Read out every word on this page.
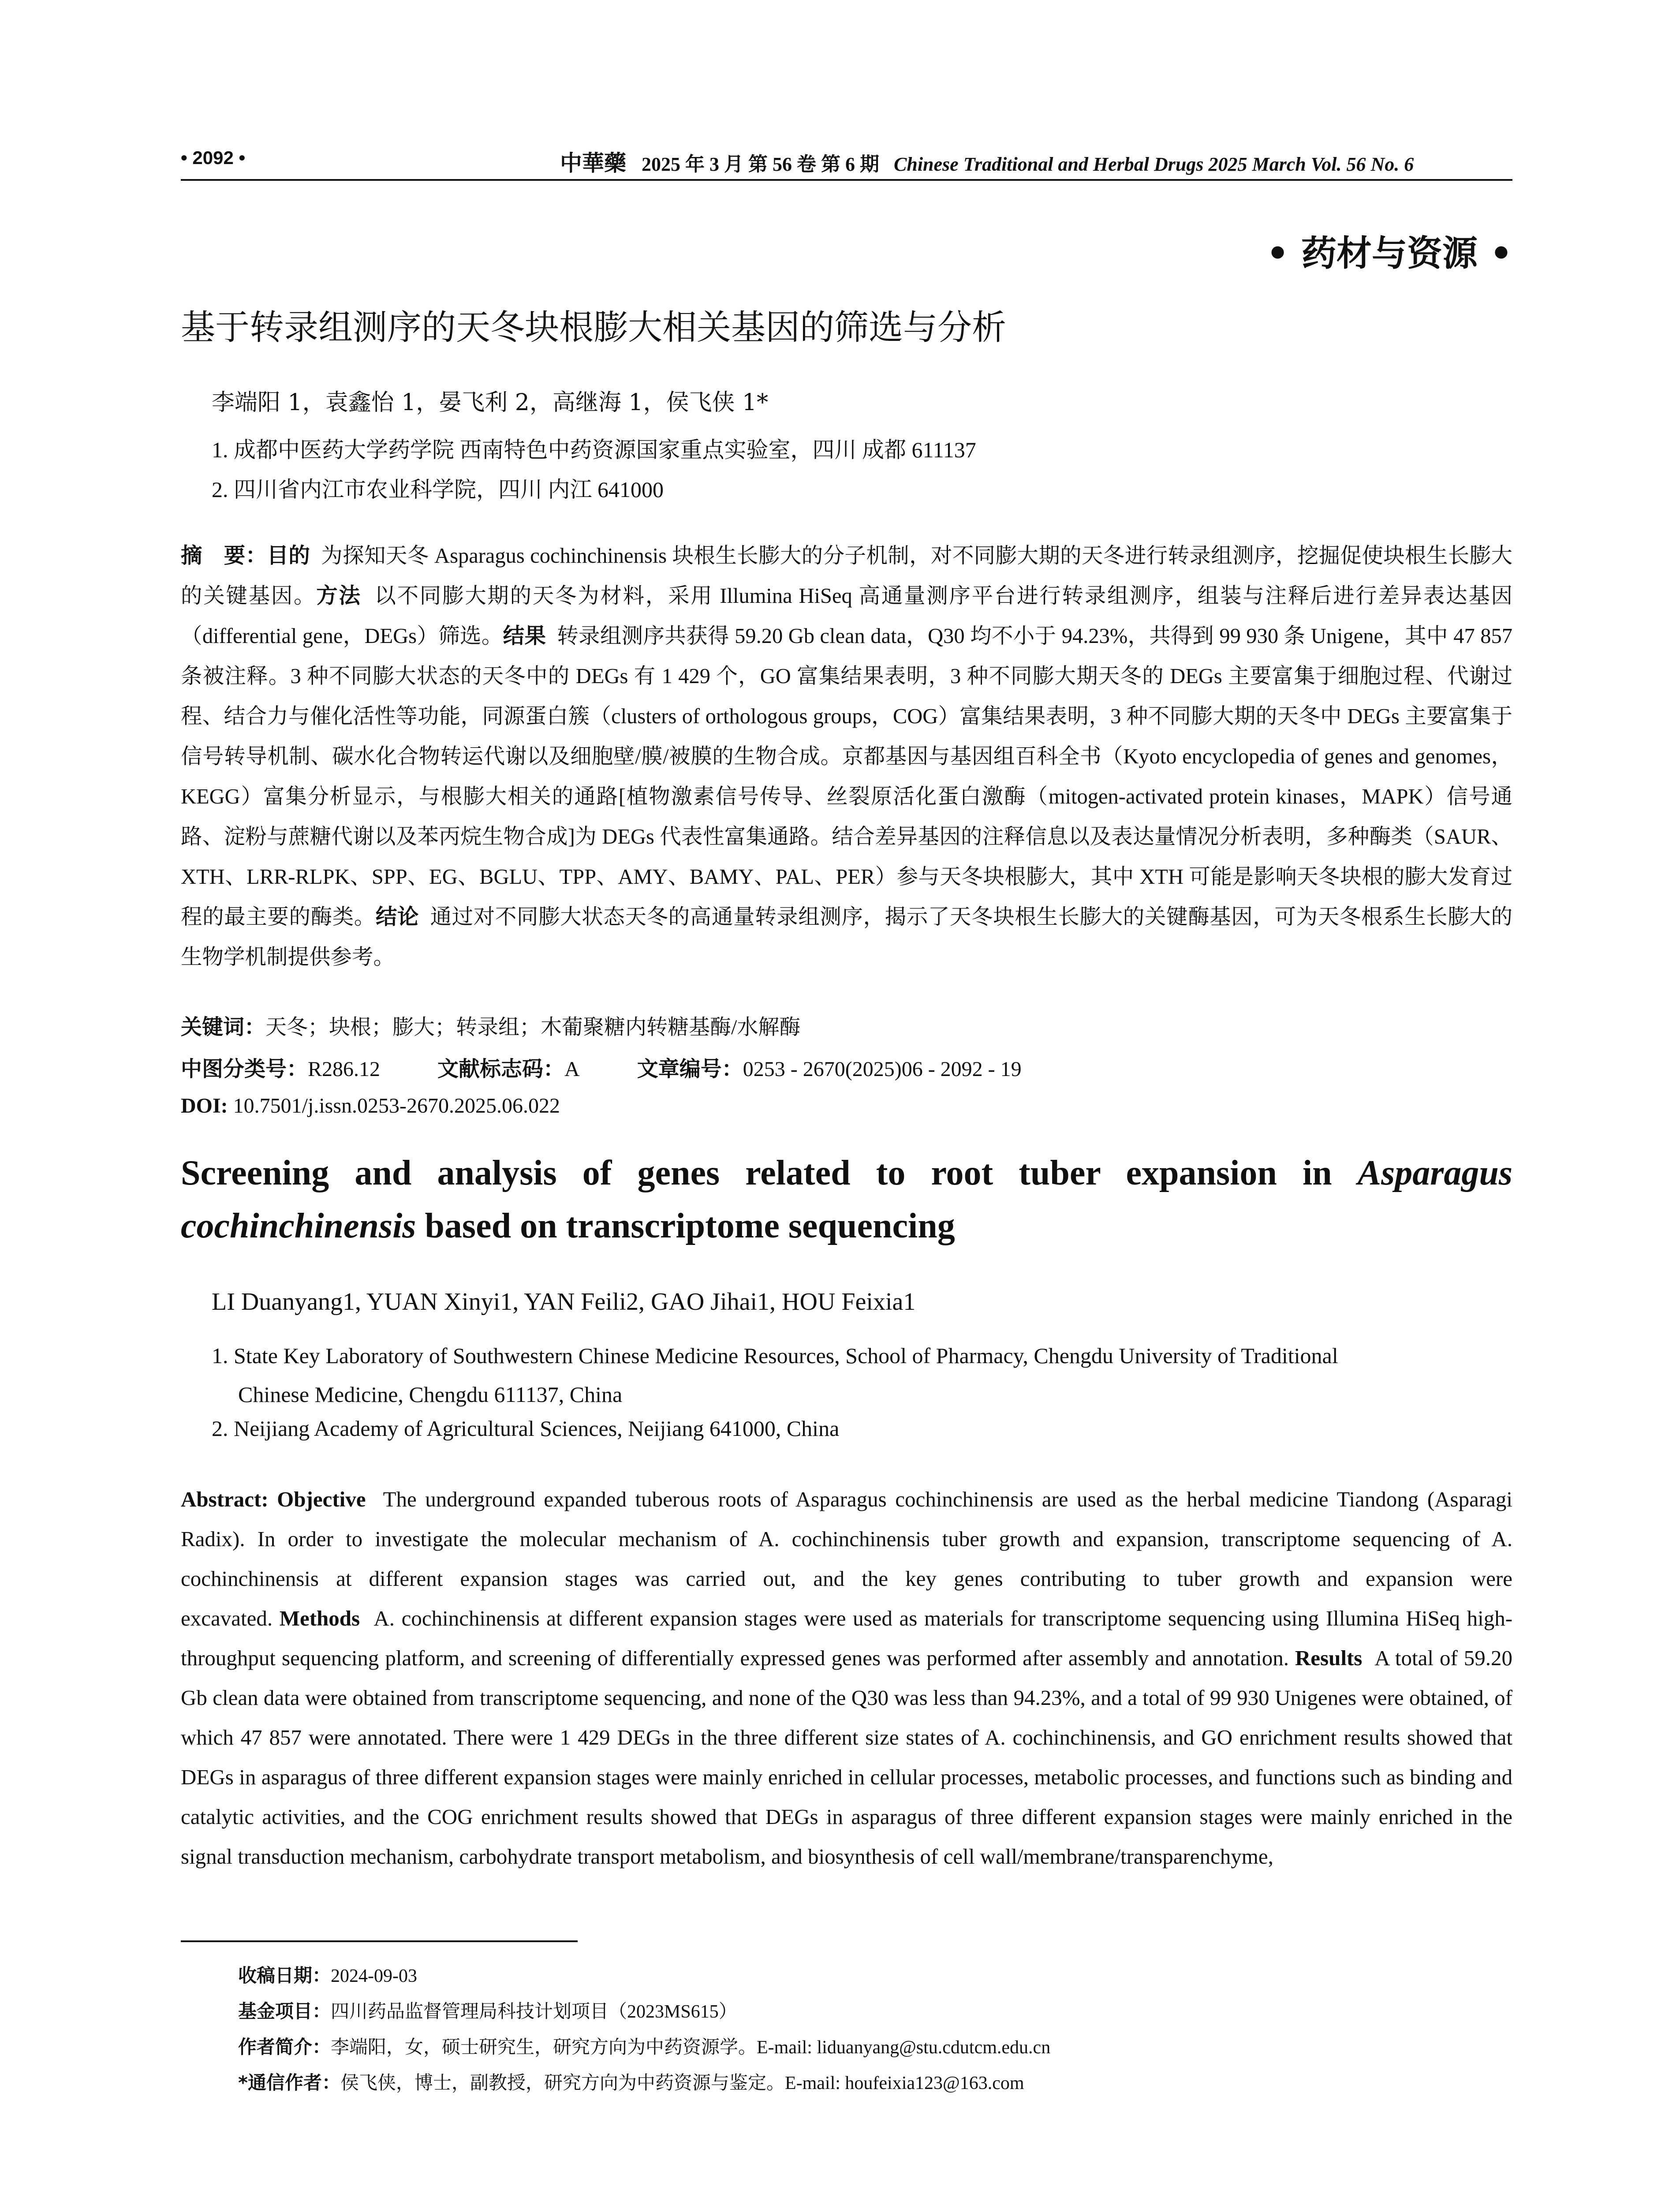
• 2092 •	中華藥 2025 年 3 月 第 56 卷 第 6 期 Chinese Traditional and Herbal Drugs 2025 March Vol. 56 No. 6
• 药材与资源 •
基于转录组测序的天冬块根膨大相关基因的筛选与分析
李端阳 1，袁鑫怡 1，晏飞利 2，高继海 1，侯飞侠 1*
1. 成都中医药大学药学院 西南特色中药资源国家重点实验室，四川 成都 611137
2. 四川省内江市农业科学院，四川 内江 641000
摘　要：目的 为探知天冬 Asparagus cochinchinensis 块根生长膨大的分子机制，对不同膨大期的天冬进行转录组测序，挖掘促使块根生长膨大的关键基因。方法 以不同膨大期的天冬为材料，采用 Illumina HiSeq 高通量测序平台进行转录组测序，组装与注释后进行差异表达基因（differential gene，DEGs）筛选。结果 转录组测序共获得 59.20 Gb clean data，Q30 均不小于 94.23%，共得到 99 930 条 Unigene，其中 47 857 条被注释。3 种不同膨大状态的天冬中的 DEGs 有 1 429 个，GO 富集结果表明，3 种不同膨大期天冬的 DEGs 主要富集于细胞过程、代谢过程、结合力与催化活性等功能，同源蛋白簇（clusters of orthologous groups，COG）富集结果表明，3 种不同膨大期的天冬中 DEGs 主要富集于信号转导机制、碳水化合物转运代谢以及细胞壁/膜/被膜的生物合成。京都基因与基因组百科全书（Kyoto encyclopedia of genes and genomes，KEGG）富集分析显示，与根膨大相关的通路[植物激素信号传导、丝裂原活化蛋白激酶（mitogen-activated protein kinases，MAPK）信号通路、淀粉与蔗糖代谢以及苯丙烷生物合成]为 DEGs 代表性富集通路。结合差异基因的注释信息以及表达量情况分析表明，多种酶类（SAUR、XTH、LRR-RLPK、SPP、EG、BGLU、TPP、AMY、BAMY、PAL、PER）参与天冬块根膨大，其中 XTH 可能是影响天冬块根的膨大发育过程的最主要的酶类。结论 通过对不同膨大状态天冬的高通量转录组测序，揭示了天冬块根生长膨大的关键酶基因，可为天冬根系生长膨大的生物学机制提供参考。
关键词：天冬；块根；膨大；转录组；木葡聚糖内转糖基酶/水解酶
中图分类号：R286.12	文献标志码：A	文章编号：0253 - 2670(2025)06 - 2092 - 19
DOI: 10.7501/j.issn.0253-2670.2025.06.022
Screening and analysis of genes related to root tuber expansion in Asparagus cochinchinensis based on transcriptome sequencing
LI Duanyang1, YUAN Xinyi1, YAN Feili2, GAO Jihai1, HOU Feixia1
1. State Key Laboratory of Southwestern Chinese Medicine Resources, School of Pharmacy, Chengdu University of Traditional
Chinese Medicine, Chengdu 611137, China
2. Neijiang Academy of Agricultural Sciences, Neijiang 641000, China
Abstract: Objective The underground expanded tuberous roots of Asparagus cochinchinensis are used as the herbal medicine Tiandong (Asparagi Radix). In order to investigate the molecular mechanism of A. cochinchinensis tuber growth and expansion, transcriptome sequencing of A. cochinchinensis at different expansion stages was carried out, and the key genes contributing to tuber growth and expansion were excavated. Methods A. cochinchinensis at different expansion stages were used as materials for transcriptome sequencing using Illumina HiSeq high-throughput sequencing platform, and screening of differentially expressed genes was performed after assembly and annotation. Results A total of 59.20 Gb clean data were obtained from transcriptome sequencing, and none of the Q30 was less than 94.23%, and a total of 99 930 Unigenes were obtained, of which 47 857 were annotated. There were 1 429 DEGs in the three different size states of A. cochinchinensis, and GO enrichment results showed that DEGs in asparagus of three different expansion stages were mainly enriched in cellular processes, metabolic processes, and functions such as binding and catalytic activities, and the COG enrichment results showed that DEGs in asparagus of three different expansion stages were mainly enriched in the signal transduction mechanism, carbohydrate transport metabolism, and biosynthesis of cell wall/membrane/transparenchyme,
收稿日期：2024-09-03
基金项目：四川药品监督管理局科技计划项目（2023MS615）
作者简介：李端阳，女，硕士研究生，研究方向为中药资源学。E-mail: liduanyang@stu.cdutcm.edu.cn
*通信作者：侯飞侠，博士，副教授，研究方向为中药资源与鉴定。E-mail: houfeixia123@163.com
